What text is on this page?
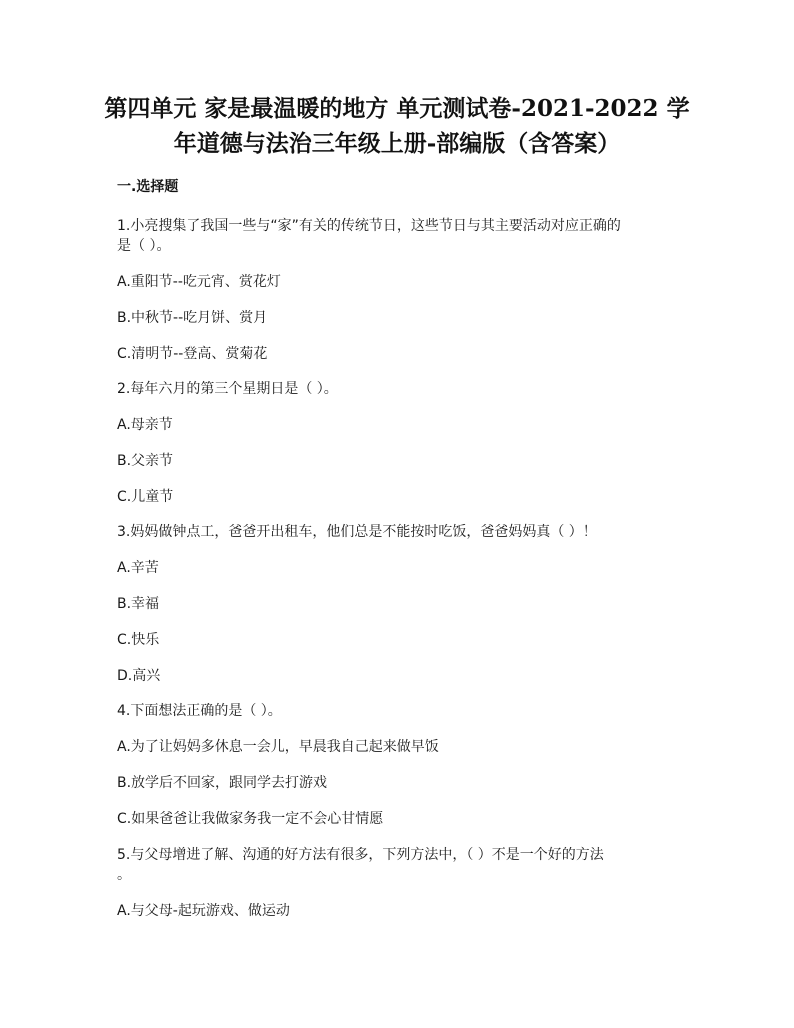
第四单元 家是最温暖的地方 单元测试卷-2021-2022 学
年道德与法治三年级上册-部编版（含答案）
一.选择题
1.小亮搜集了我国一些与“家”有关的传统节日，这些节日与其主要活动对应正确的
是（ ）。
A.重阳节--吃元宵、赏花灯
B.中秋节--吃月饼、赏月
C.清明节--登高、赏菊花
2.每年六月的第三个星期日是（ ）。
A.母亲节
B.父亲节
C.儿童节
3.妈妈做钟点工，爸爸开出租车，他们总是不能按时吃饭，爸爸妈妈真（ ）！
A.辛苦
B.幸福
C.快乐
D.高兴
4.下面想法正确的是（ ）。
A.为了让妈妈多休息一会儿，早晨我自己起来做早饭
B.放学后不回家，跟同学去打游戏
C.如果爸爸让我做家务我一定不会心甘情愿
5.与父母增进了解、沟通的好方法有很多，下列方法中，（ ）不是一个好的方法
。
A.与父母-起玩游戏、做运动
